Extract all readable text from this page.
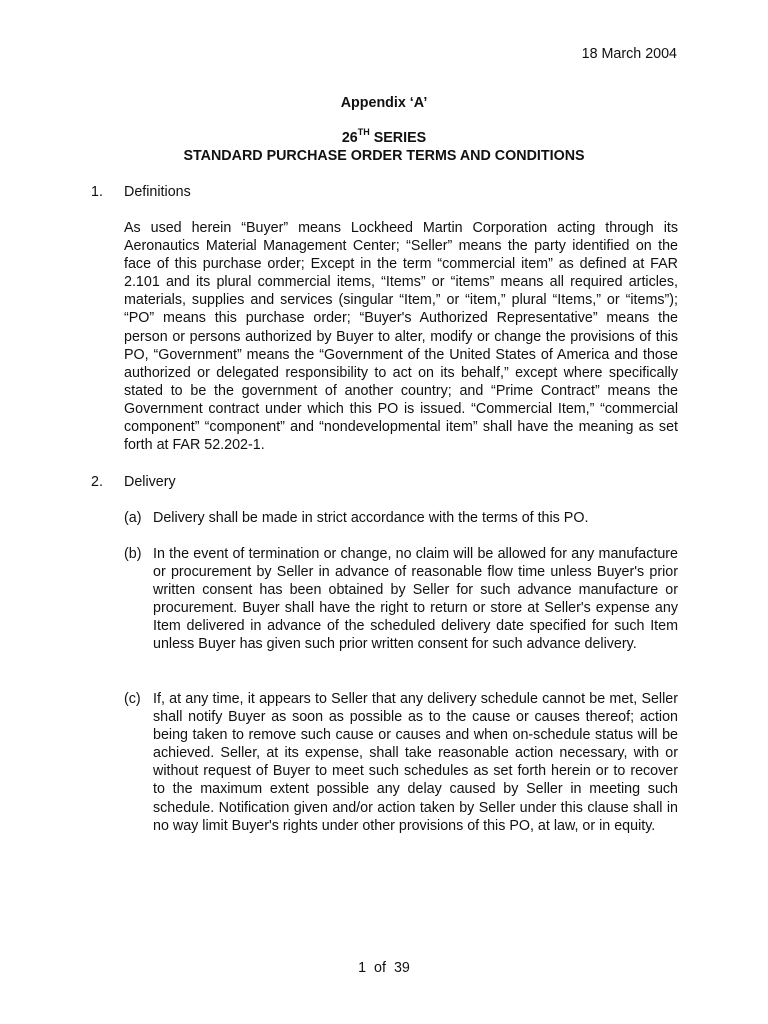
18 March 2004
Appendix ‘A’
26TH SERIES
STANDARD PURCHASE ORDER TERMS AND CONDITIONS
1. Definitions

As used herein “Buyer” means Lockheed Martin Corporation acting through its Aeronautics Material Management Center; “Seller” means the party identified on the face of this purchase order; Except in the term “commercial item” as defined at FAR 2.101 and its plural commercial items, “Items” or “items” means all required articles, materials, supplies and services (singular “Item,” or “item,” plural “Items,” or “items”); “PO” means this purchase order; “Buyer's Authorized Representative” means the person or persons authorized by Buyer to alter, modify or change the provisions of this PO, “Government” means the “Government of the United States of America and those authorized or delegated responsibility to act on its behalf,” except where specifically stated to be the government of another country; and “Prime Contract” means the Government contract under which this PO is issued. “Commercial Item,” “commercial component” “component” and “nondevelopmental item” shall have the meaning as set forth at FAR 52.202-1.

2. Delivery
(a) Delivery shall be made in strict accordance with the terms of this PO.

(b) In the event of termination or change, no claim will be allowed for any manufacture or procurement by Seller in advance of reasonable flow time unless Buyer's prior written consent has been obtained by Seller for such advance manufacture or procurement. Buyer shall have the right to return or store at Seller's expense any Item delivered in advance of the scheduled delivery date specified for such Item unless Buyer has given such prior written consent for such advance delivery.

(c) If, at any time, it appears to Seller that any delivery schedule cannot be met, Seller shall notify Buyer as soon as possible as to the cause or causes thereof; action being taken to remove such cause or causes and when on-schedule status will be achieved. Seller, at its expense, shall take reasonable action necessary, with or without request of Buyer to meet such schedules as set forth herein or to recover to the maximum extent possible any delay caused by Seller in meeting such schedule. Notification given and/or action taken by Seller under this clause shall in no way limit Buyer's rights under other provisions of this PO, at law, or in equity.

1 of 39
